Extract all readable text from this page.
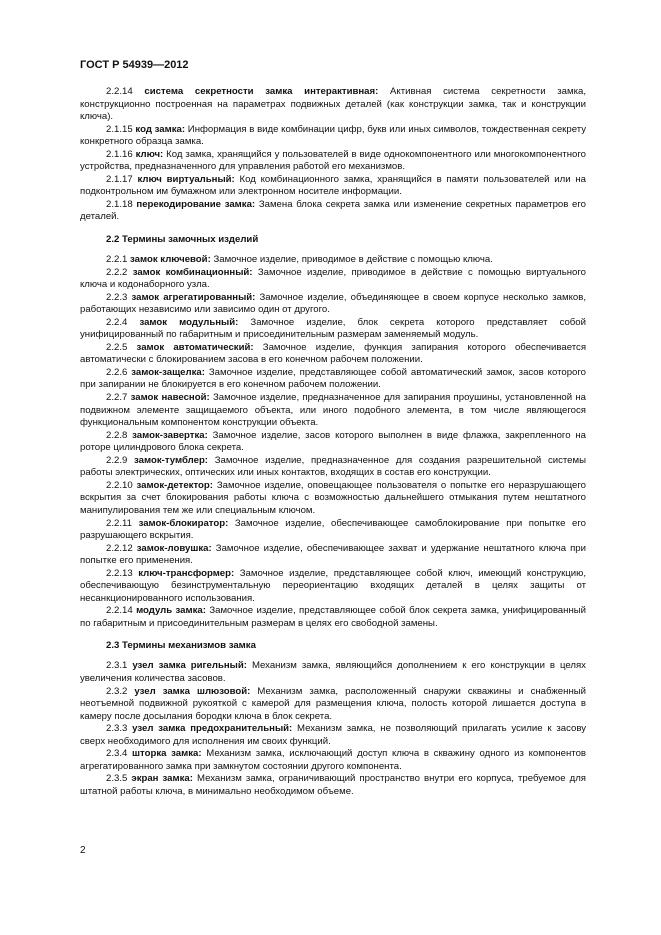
ГОСТ Р 54939—2012

2.2.14 система секретности замка интерактивная: Активная система секретности замка, конструкционно построенная на параметрах подвижных деталей (как конструкции замка, так и конструкции ключа).

2.1.15 код замка: Информация в виде комбинации цифр, букв или иных символов, тождественная секрету конкретного образца замка.

2.1.16 ключ: Код замка, хранящийся у пользователей в виде однокомпонентного или многокомпонентного устройства, предназначенного для управления работой его механизмов.

2.1.17 ключ виртуальный: Код комбинационного замка, хранящийся в памяти пользователей или на подконтрольном им бумажном или электронном носителе информации.

2.1.18 перекодирование замка: Замена блока секрета замка или изменение секретных параметров его деталей.

2.2 Термины замочных изделий

2.2.1 замок ключевой: Замочное изделие, приводимое в действие с помощью ключа.

2.2.2 замок комбинационный: Замочное изделие, приводимое в действие с помощью виртуального ключа и кодонаборного узла.

2.2.3 замок агрегатированный: Замочное изделие, объединяющее в своем корпусе несколько замков, работающих независимо или зависимо один от другого.

2.2.4 замок модульный: Замочное изделие, блок секрета которого представляет собой унифицированный по габаритным и присоединительным размерам заменяемый модуль.

2.2.5 замок автоматический: Замочное изделие, функция запирания которого обеспечивается автоматически с блокированием засова в его конечном рабочем положении.

2.2.6 замок-защелка: Замочное изделие, представляющее собой автоматический замок, засов которого при запирании не блокируется в его конечном рабочем положении.

2.2.7 замок навесной: Замочное изделие, предназначенное для запирания проушины, установленной на подвижном элементе защищаемого объекта, или иного подобного элемента, в том числе являющегося функциональным компонентом конструкции объекта.

2.2.8 замок-завертка: Замочное изделие, засов которого выполнен в виде флажка, закрепленного на роторе цилиндрового блока секрета.

2.2.9 замок-тумблер: Замочное изделие, предназначенное для создания разрешительной системы работы электрических, оптических или иных контактов, входящих в состав его конструкции.

2.2.10 замок-детектор: Замочное изделие, оповещающее пользователя о попытке его неразрушающего вскрытия за счет блокирования работы ключа с возможностью дальнейшего отмыкания путем нештатного манипулирования тем же или специальным ключом.

2.2.11 замок-блокиратор: Замочное изделие, обеспечивающее самоблокирование при попытке его разрушающего вскрытия.

2.2.12 замок-ловушка: Замочное изделие, обеспечивающее захват и удержание нештатного ключа при попытке его применения.

2.2.13 ключ-трансформер: Замочное изделие, представляющее собой ключ, имеющий конструкцию, обеспечивающую безинструментальную переориентацию входящих деталей в целях защиты от несанкционированного использования.

2.2.14 модуль замка: Замочное изделие, представляющее собой блок секрета замка, унифицированный по габаритным и присоединительным размерам в целях его свободной замены.

2.3 Термины механизмов замка

2.3.1 узел замка ригельный: Механизм замка, являющийся дополнением к его конструкции в целях увеличения количества засовов.

2.3.2 узел замка шлюзовой: Механизм замка, расположенный снаружи скважины и снабженный неотъемной подвижной рукояткой с камерой для размещения ключа, полость которой лишается доступа в камеру после досылания бородки ключа в блок секрета.

2.3.3 узел замка предохранительный: Механизм замка, не позволяющий прилагать усилие к засову сверх необходимого для исполнения им своих функций.

2.3.4 шторка замка: Механизм замка, исключающий доступ ключа в скважину одного из компонентов агрегатированного замка при замкнутом состоянии другого компонента.

2.3.5 экран замка: Механизм замка, ограничивающий пространство внутри его корпуса, требуемое для штатной работы ключа, в минимально необходимом объеме.

2
